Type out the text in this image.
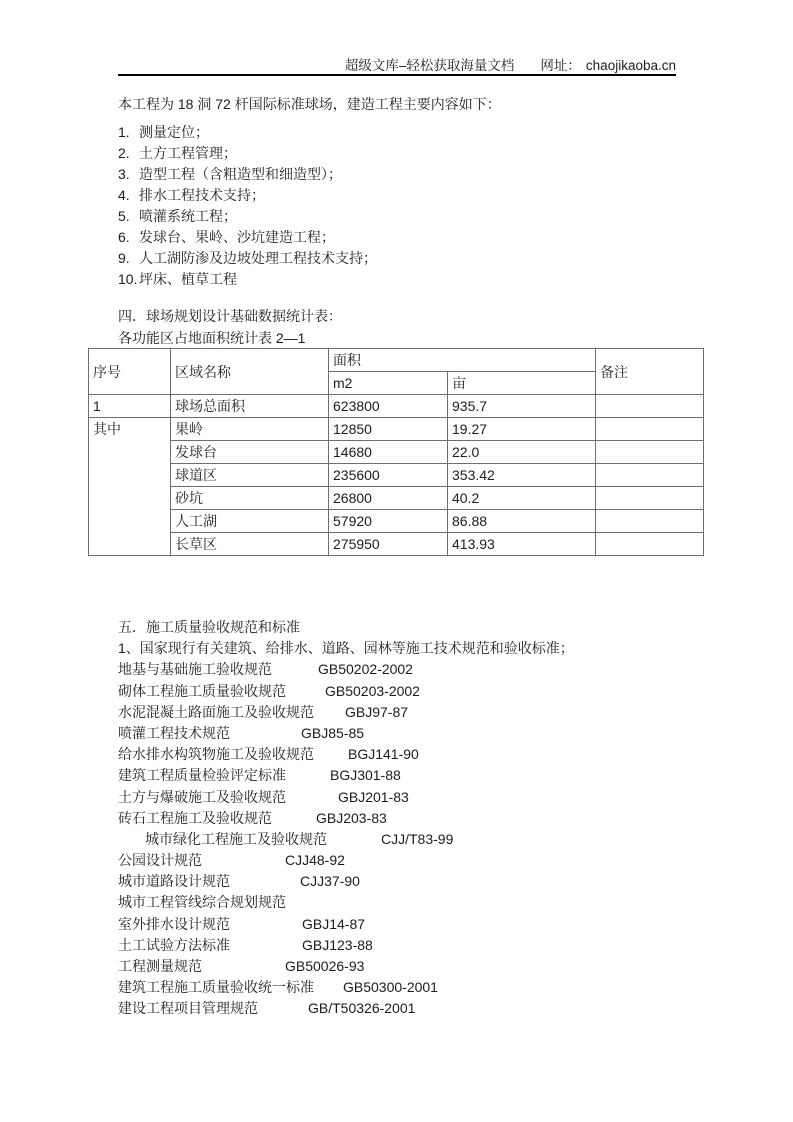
超级文库–轻松获取海量文档 网址： chaojikaoba.cn
本工程为 18 洞 72 杆国际标准球场，建造工程主要内容如下：
1. 测量定位；
2. 土方工程管理；
3. 造型工程（含粗造型和细造型）；
4. 排水工程技术支持；
5. 喷灌系统工程；
6. 发球台、果岭、沙坑建造工程；
9. 人工湖防渗及边坡处理工程技术支持；
10. 坪床、植草工程
四．球场规划设计基础数据统计表：
各功能区占地面积统计表 2—1
序号	区域名称	面积		备注
		m2	亩	
1	球场总面积	623800	935.7	
其中	果岭	12850	19.27	
	发球台	14680	22.0	
	球道区	235600	353.42	
	砂坑	26800	40.2	
	人工湖	57920	86.88	
	长草区	275950	413.93	
五．施工质量验收规范和标准
1、国家现行有关建筑、给排水、道路、园林等施工技术规范和验收标准；
地基与基础施工验收规范	GB50202-2002
砌体工程施工质量验收规范	GB50203-2002
水泥混凝土路面施工及验收规范 GBJ97-87
喷灌工程技术规范	GBJ85-85
给水排水构筑物施工及验收规范 BGJ141-90
建筑工程质量检验评定标准	BGJ301-88
土方与爆破施工及验收规范	GBJ201-83
砖石工程施工及验收规范	GBJ203-83
城市绿化工程施工及验收规范	CJJ/T83-99
公园设计规范	CJJ48-92
城市道路设计规范	CJJ37-90
城市工程管线综合规划规范
室外排水设计规范	GBJ14-87
土工试验方法标准	GBJ123-88
工程测量规范	GB50026-93
建筑工程施工质量验收统一标准 GB50300-2001
建设工程项目管理规范	GB/T50326-2001
